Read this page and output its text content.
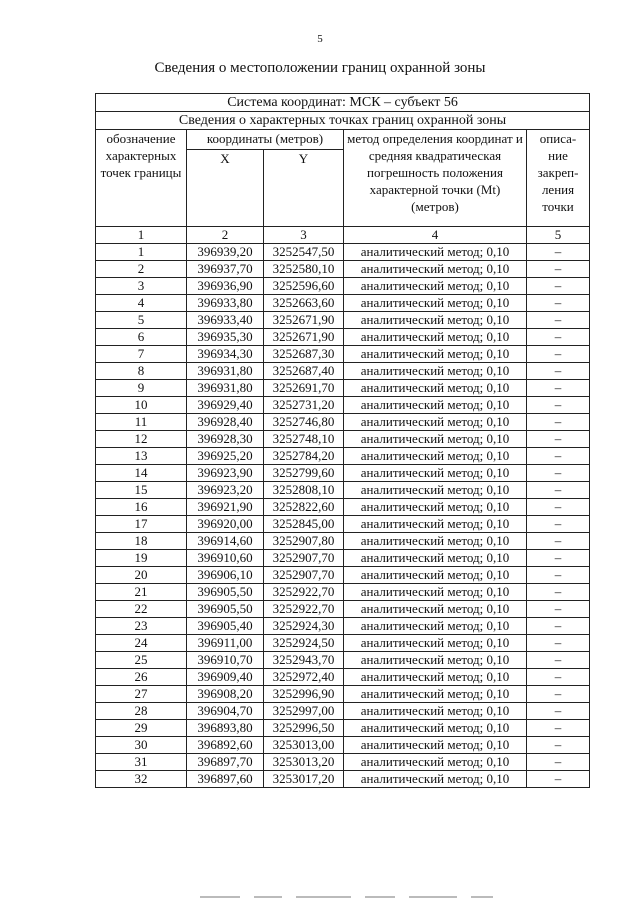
5
Сведения о местоположении границ охранной зоны
Система координат: МСК – субъект 56				
Сведения о характерных точках границ охранной зоны				
обозначение характерных точек границы	координаты (метров)		метод определения координат и средняя квадратическая погрешность положения характерной точки (Mt) (метров)	описа- ние закреп- ления точки
	X	Y		
1	2	3	4	5
1	396939,20	3252547,50	аналитический метод; 0,10	–
2	396937,70	3252580,10	аналитический метод; 0,10	–
3	396936,90	3252596,60	аналитический метод; 0,10	–
4	396933,80	3252663,60	аналитический метод; 0,10	–
5	396933,40	3252671,90	аналитический метод; 0,10	–
6	396935,30	3252671,90	аналитический метод; 0,10	–
7	396934,30	3252687,30	аналитический метод; 0,10	–
8	396931,80	3252687,40	аналитический метод; 0,10	–
9	396931,80	3252691,70	аналитический метод; 0,10	–
10	396929,40	3252731,20	аналитический метод; 0,10	–
11	396928,40	3252746,80	аналитический метод; 0,10	–
12	396928,30	3252748,10	аналитический метод; 0,10	–
13	396925,20	3252784,20	аналитический метод; 0,10	–
14	396923,90	3252799,60	аналитический метод; 0,10	–
15	396923,20	3252808,10	аналитический метод; 0,10	–
16	396921,90	3252822,60	аналитический метод; 0,10	–
17	396920,00	3252845,00	аналитический метод; 0,10	–
18	396914,60	3252907,80	аналитический метод; 0,10	–
19	396910,60	3252907,70	аналитический метод; 0,10	–
20	396906,10	3252907,70	аналитический метод; 0,10	–
21	396905,50	3252922,70	аналитический метод; 0,10	–
22	396905,50	3252922,70	аналитический метод; 0,10	–
23	396905,40	3252924,30	аналитический метод; 0,10	–
24	396911,00	3252924,50	аналитический метод; 0,10	–
25	396910,70	3252943,70	аналитический метод; 0,10	–
26	396909,40	3252972,40	аналитический метод; 0,10	–
27	396908,20	3252996,90	аналитический метод; 0,10	–
28	396904,70	3252997,00	аналитический метод; 0,10	–
29	396893,80	3252996,50	аналитический метод; 0,10	–
30	396892,60	3253013,00	аналитический метод; 0,10	–
31	396897,70	3253013,20	аналитический метод; 0,10	–
32	396897,60	3253017,20	аналитический метод; 0,10	–
